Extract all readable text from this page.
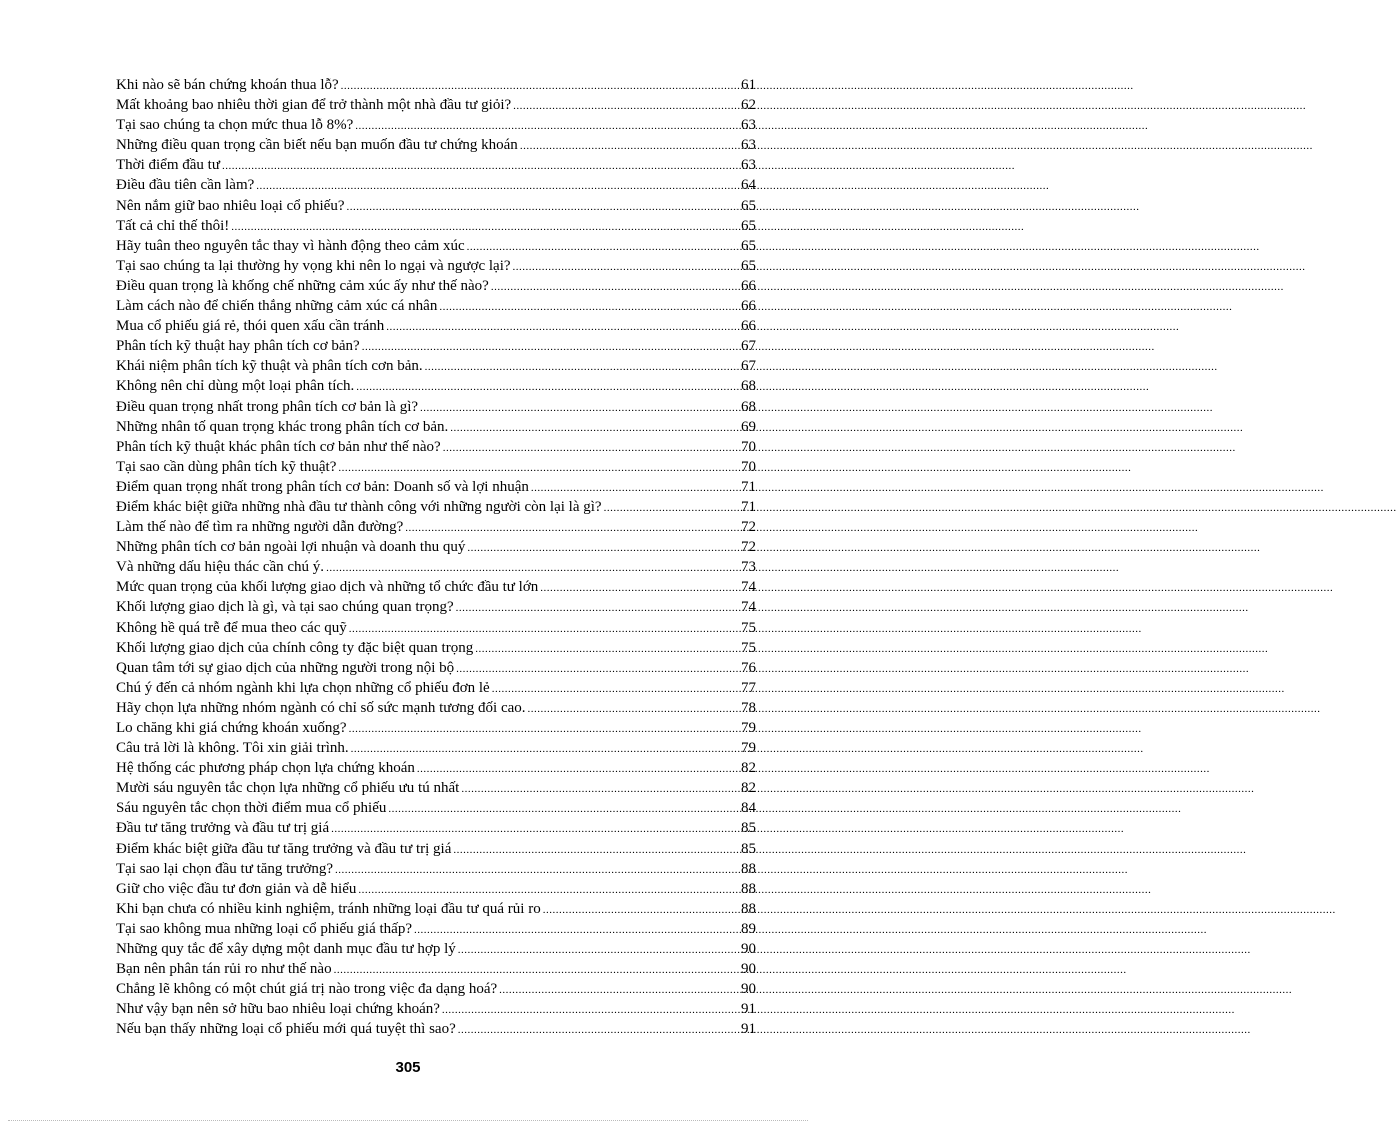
Khi nào sẽ bán chứng khoán thua lỗ? .....	61
Mất khoảng bao nhiêu thời gian để trở thành một nhà đầu tư giỏi? .....	62
Tại sao chúng ta chọn mức thua lỗ 8%? .....	63
Những điều quan trọng cần biết nếu bạn muốn đầu tư chứng khoán .....	63
Thời điểm đầu tư .....	63
Điều đầu tiên cần làm? .....	64
Nên nắm giữ bao nhiêu loại cổ phiếu? .....	65
Tất cả chỉ thế thôi! .....	65
Hãy tuân theo nguyên tắc thay vì hành động theo cảm xúc .....	65
Tại sao chúng ta lại thường hy vọng khi nên lo ngại và ngược lại? .....	65
Điều quan trọng là khống chế những cảm xúc ấy như thế nào? .....	66
Làm cách nào để chiến thắng những cảm xúc cá nhân .....	66
Mua cổ phiếu giá rẻ, thói quen xấu cần tránh .....	66
Phân tích kỹ thuật hay phân tích cơ bản? .....	67
Khái niệm phân tích kỹ thuật và phân tích cơn bản. .....	67
Không nên chỉ dùng một loại phân tích. .....	68
Điều quan trọng nhất trong phân tích cơ bản là gì? .....	68
Những nhân tố quan trọng khác trong phân tích cơ bản. .....	69
Phân tích kỹ thuật khác phân tích cơ bản như thế nào? .....	70
Tại sao cần dùng phân tích kỹ thuật? .....	70
Điểm quan trọng nhất trong phân tích cơ bản: Doanh số và lợi nhuận .....	71
Điểm khác biệt giữa những nhà đầu tư thành công với những người còn lại là gì? .....	71
Làm thế nào để tìm ra những người dẫn đường? .....	72
Những phân tích cơ bản ngoài lợi nhuận và doanh thu quý .....	72
Và những dấu hiệu thác cần chú ý. .....	73
Mức quan trọng của khối lượng giao dịch và những tổ chức đầu tư lớn .....	74
Khối lượng giao dịch là gì, và tại sao chúng quan trọng? .....	74
Không hề quá trễ để mua theo các quỹ .....	75
Khối lượng giao dịch của chính công ty đặc biệt quan trọng .....	75
Quan tâm tới sự giao dịch của những người trong nội bộ .....	76
Chú ý đến cả nhóm ngành khi lựa chọn những cổ phiếu đơn lẻ .....	77
Hãy chọn lựa những nhóm ngành có chỉ số sức mạnh tương đối cao. .....	78
Lo chăng khi giá chứng khoán xuống? .....	79
Câu trả lời là không. Tôi xin giải trình. .....	79
Hệ thống các phương pháp chọn lựa chứng khoán .....	82
Mười sáu nguyên tắc chọn lựa những cổ phiếu ưu tú nhất .....	82
Sáu nguyên tắc chọn thời điểm mua cổ phiếu .....	84
Đầu tư tăng trưởng và đầu tư trị giá .....	85
Điểm khác biệt giữa đầu tư tăng trưởng và đầu tư trị giá .....	85
Tại sao lại chọn đầu tư tăng trưởng? .....	88
Giữ cho việc đầu tư đơn giản và dễ hiểu .....	88
Khi bạn chưa có nhiều kinh nghiệm, tránh những loại đầu tư quá rủi ro .....	88
Tại sao không mua những loại cổ phiếu giá thấp? .....	89
Những quy tắc để xây dựng một danh mục đầu tư hợp lý .....	90
Bạn nên phân tán rủi ro như thế nào .....	90
Chẳng lẽ không có một chút giá trị nào trong việc đa dạng hoá? .....	90
Như vậy bạn nên sở hữu bao nhiêu loại chứng khoán? .....	91
Nếu bạn thấy những loại cổ phiếu mới quá tuyệt thì sao? .....	91
305
